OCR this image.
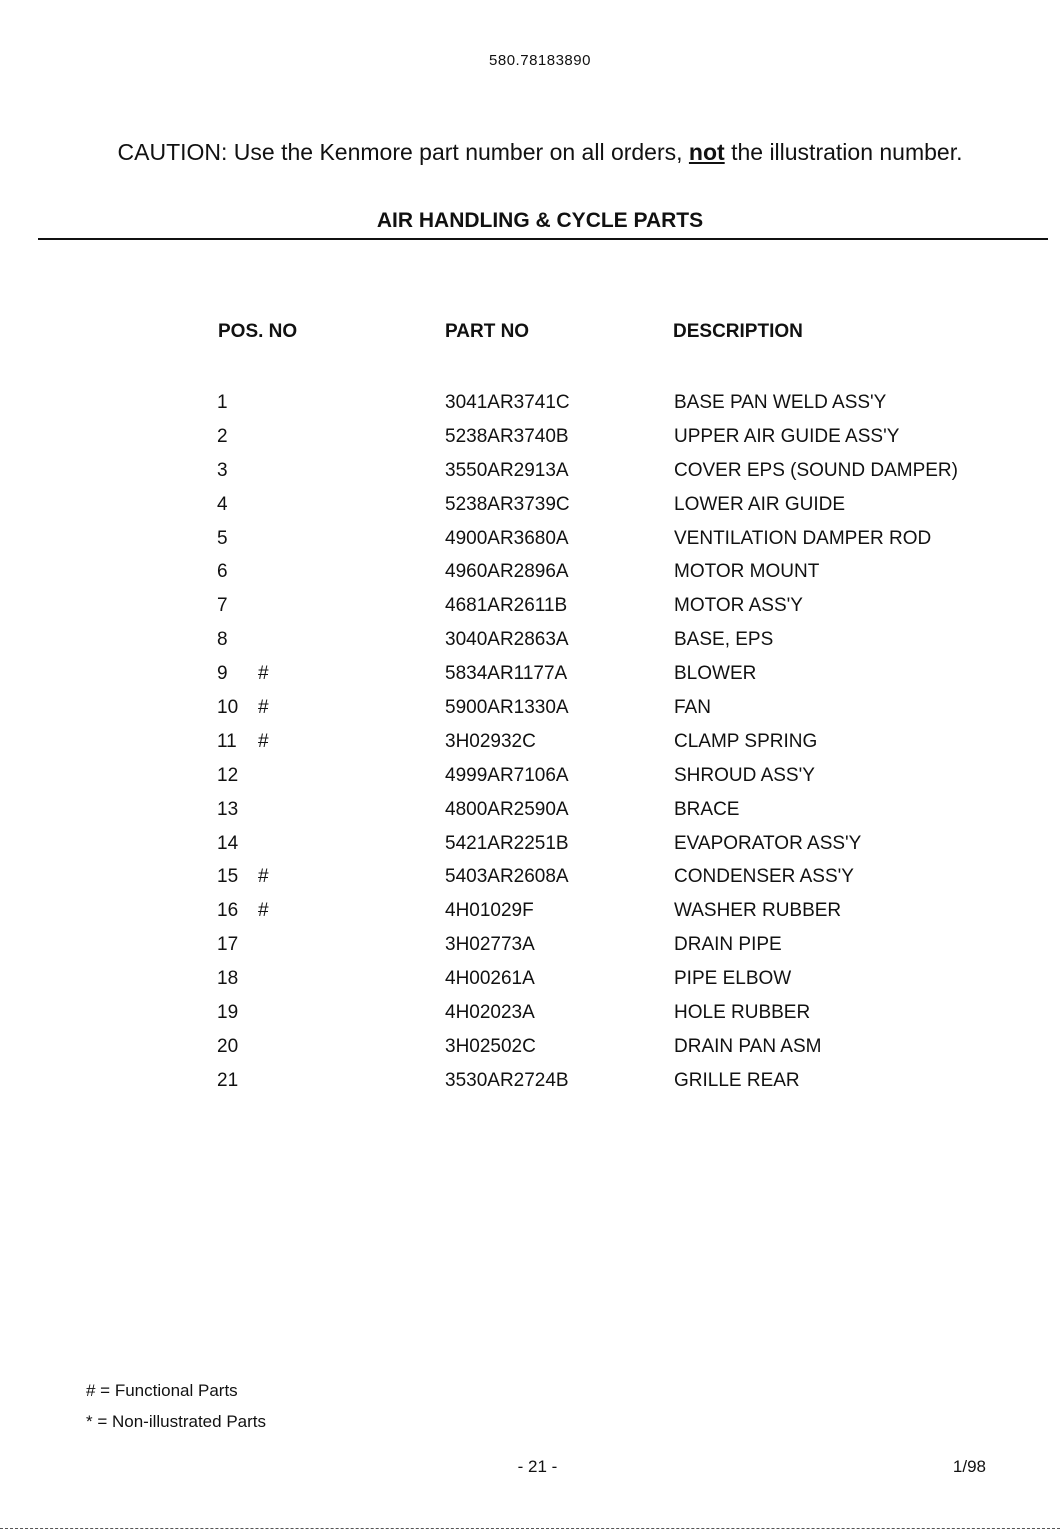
580.78183890
CAUTION: Use the Kenmore part number on all orders, not the illustration number.
AIR HANDLING & CYCLE PARTS
POS. NO	PART NO	DESCRIPTION
1	3041AR3741C	BASE PAN WELD ASS'Y
2	5238AR3740B	UPPER AIR GUIDE ASS'Y
3	3550AR2913A	COVER EPS (SOUND DAMPER)
4	5238AR3739C	LOWER AIR GUIDE
5	4900AR3680A	VENTILATION DAMPER ROD
6	4960AR2896A	MOTOR MOUNT
7	4681AR2611B	MOTOR ASS'Y
8	3040AR2863A	BASE, EPS
9 #	5834AR1177A	BLOWER
10 #	5900AR1330A	FAN
11 #	3H02932C	CLAMP SPRING
12	4999AR7106A	SHROUD ASS'Y
13	4800AR2590A	BRACE
14	5421AR2251B	EVAPORATOR ASS'Y
15 #	5403AR2608A	CONDENSER ASS'Y
16 #	4H01029F	WASHER RUBBER
17	3H02773A	DRAIN PIPE
18	4H00261A	PIPE ELBOW
19	4H02023A	HOLE RUBBER
20	3H02502C	DRAIN PAN ASM
21	3530AR2724B	GRILLE REAR
# = Functional Parts
* = Non-illustrated Parts
- 21 -	1/98
